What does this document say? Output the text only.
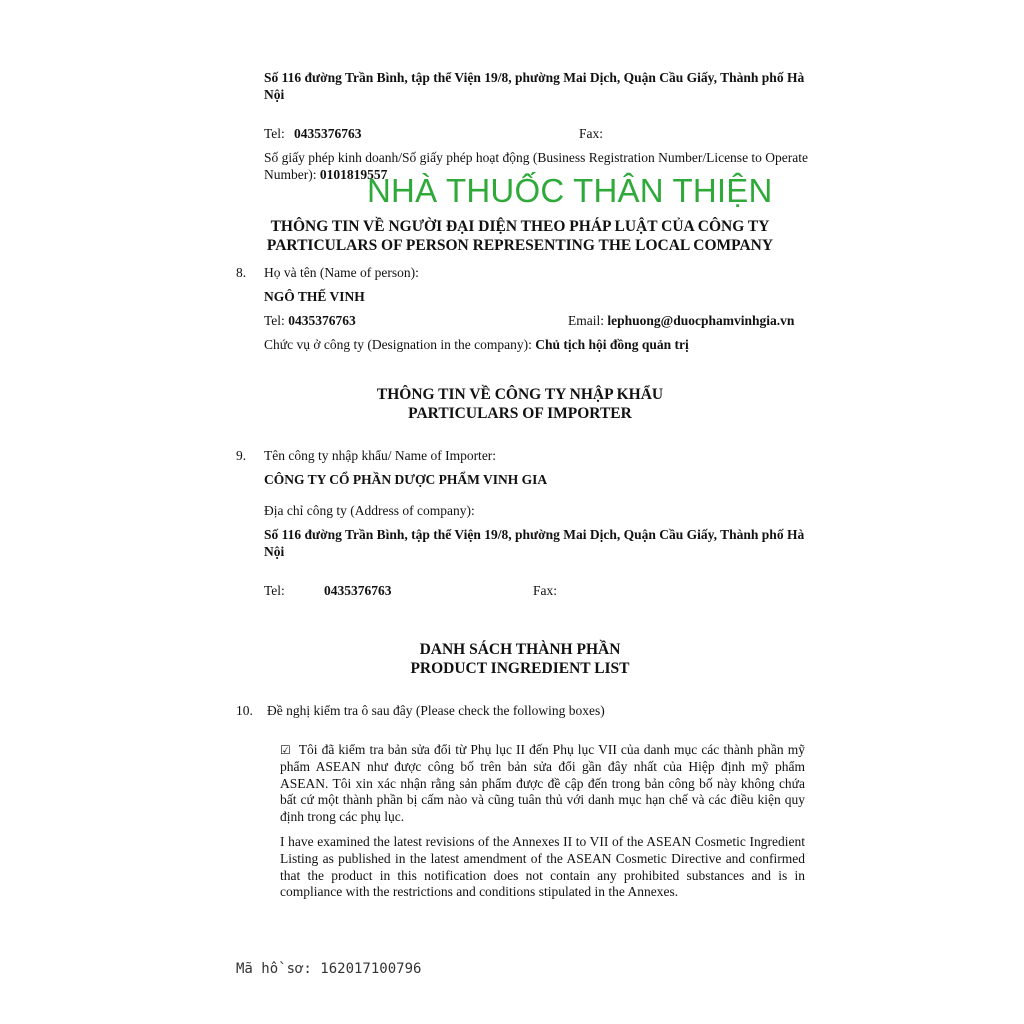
Số 116 đường Trần Bình, tập thể Viện 19/8, phường Mai Dịch, Quận Cầu Giấy, Thành phố Hà Nội
Tel: 0435376763	Fax:
Số giấy phép kinh doanh/Số giấy phép hoạt động (Business Registration Number/License to Operate Number): 0101819557
NHÀ THUỐC THÂN THIỆN
THÔNG TIN VỀ NGƯỜI ĐẠI DIỆN THEO PHÁP LUẬT CỦA CÔNG TY
PARTICULARS OF PERSON REPRESENTING THE LOCAL COMPANY
8. Họ và tên (Name of person):
NGÔ THẾ VINH
Tel: 0435376763	Email: lephuong@duocphamvinhgia.vn
Chức vụ ở công ty (Designation in the company): Chủ tịch hội đồng quản trị
THÔNG TIN VỀ CÔNG TY NHẬP KHẨU
PARTICULARS OF IMPORTER
9. Tên công ty nhập khẩu/ Name of Importer:
CÔNG TY CỔ PHẦN DƯỢC PHẨM VINH GIA
Địa chỉ công ty (Address of company):
Số 116 đường Trần Bình, tập thể Viện 19/8, phường Mai Dịch, Quận Cầu Giấy, Thành phố Hà Nội
Tel:	0435376763	Fax:
DANH SÁCH THÀNH PHẦN
PRODUCT INGREDIENT LIST
10. Đề nghị kiểm tra ô sau đây (Please check the following boxes)
☑ Tôi đã kiểm tra bản sửa đổi từ Phụ lục II đến Phụ lục VII của danh mục các thành phần mỹ phẩm ASEAN như được công bố trên bản sửa đổi gần đây nhất của Hiệp định mỹ phẩm ASEAN. Tôi xin xác nhận rằng sản phẩm được đề cập đến trong bản công bố này không chứa bất cứ một thành phần bị cấm nào và cũng tuân thủ với danh mục hạn chế và các điều kiện quy định trong các phụ lục.
I have examined the latest revisions of the Annexes II to VII of the ASEAN Cosmetic Ingredient Listing as published in the latest amendment of the ASEAN Cosmetic Directive and confirmed that the product in this notification does not contain any prohibited substances and is in compliance with the restrictions and conditions stipulated in the Annexes.
Mã hồ sơ: 162017100796
